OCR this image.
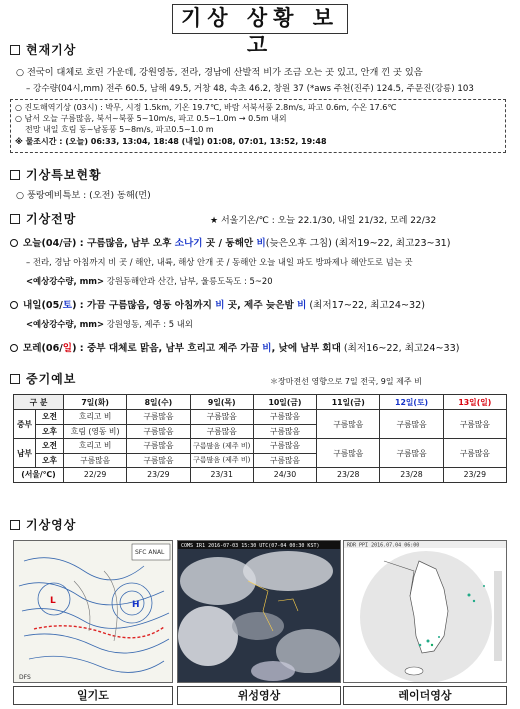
기상 상황 보고
현재기상
○ 전국이 대체로 흐린 가운데, 강원영동, 전라, 경남에 산발적 비가 조금 오는 곳 있고, 안개 낀 곳 있음
– 강수량(04시,mm) 전주 60.5, 남해 49.5, 거창 48, 속초 46.2, 창원 37 (*aws 주천(진주) 124.5, 주문진(강릉) 103
○ 진도해역기상 (03시) : 박무, 시정 1.5km, 기온 19.7℃, 바람 서북서풍 2.8m/s, 파고 0.6m, 수온 17.6℃
○ 남서 오늘 구름많음, 북서~북풍 5~10m/s, 파고 0.5~1.0m → 0.5m 내외
전망 내일 흐림 동~남동풍 5~8m/s, 파고0.5~1.0 m
※ 물조시간 : (오늘) 06:33, 13:04, 18:48 (내일) 01:08, 07:01, 13:52, 19:48
기상특보현황
○ 풍랑예비특보 : (오전) 동해(먼)
기상전망	★ 서울기온/℃ : 오늘 22.1/30, 내일 21/32, 모레 22/32
오늘(04/금) : 구름많음, 남부 오후 소나기 곳 / 동해안 비(늦은오후 그침) (최저19~22, 최고23~31)
– 전라, 경남 아침까지 비 곳 / 해안, 내륙, 해상 안개 곳 / 동해안 오늘 내일 파도 방파제나 해안도로 넘는 곳
<예상강수량, mm> 강원동해안과 산간, 남부, 울릉도독도 : 5~20
내일(05/토) : 가끔 구름많음, 영동 아침까지 비 곳, 제주 늦은밤 비 (최저17~22, 최고24~32)
<예상강수량, mm> 강원영동, 제주 : 5 내외
모레(06/일) : 중부 대체로 맑음, 남부 흐리고 제주 가끔 비, 낮에 남부 회대 (최저16~22, 최고24~33)
중기예보	＊장마전선 영향으로 7일 전국, 9일 제주 비
구 분		7일(화)	8일(수)	9일(목)	10일(금)	11일(금)	12일(토)	13일(일)
중부	오전	흐리고 비	구름많음	구름많음	구름많음	구름많음	구름많음	구름많음
	오후	흐림 (영동 비)	구름많음	구름많음	구름많음			
남부	오전	흐리고 비	구름많음	구름많음 (제주 비)	구름많음	구름많음	구름많음	구름많음
	오후	구름많음	구름많음	구름많음 (제주 비)	구름많음			
(서울/℃)		22/29	23/29	23/31	24/30	23/28	23/28	23/29
기상영상
H
L
SFC ANAL
DFS
COMS IR1 2016-07-03 15:30 UTC(07-04 00:30 KST)	RDR PPI 2016.07.04 06:00
일기도	위성영상	레이더영상
